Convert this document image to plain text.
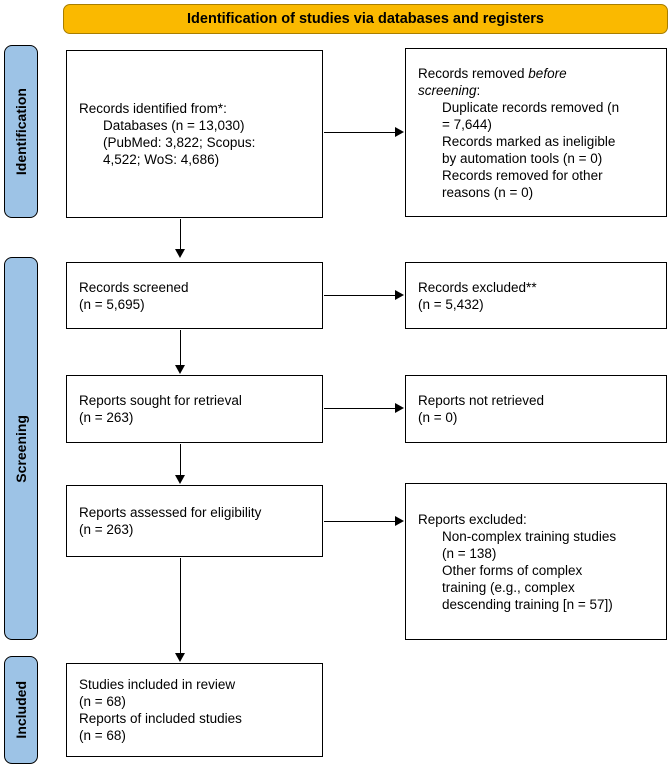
Identification of studies via databases and registers
Identification
Screening
Included
Records identified from*:
Databases (n = 13,030)
(PubMed: 3,822; Scopus:
4,522; WoS: 4,686)
Records removed before
screening:
Duplicate records removed (n
= 7,644)
Records marked as ineligible
by automation tools (n = 0)
Records removed for other
reasons (n = 0)
Records screened
(n = 5,695)
Records excluded**
(n = 5,432)
Reports sought for retrieval
(n = 263)
Reports not retrieved
(n = 0)
Reports assessed for eligibility
(n = 263)
Reports excluded:
Non-complex training studies
(n = 138)
Other forms of complex
training (e.g., complex
descending training [n = 57])
Studies included in review
(n = 68)
Reports of included studies
(n = 68)
